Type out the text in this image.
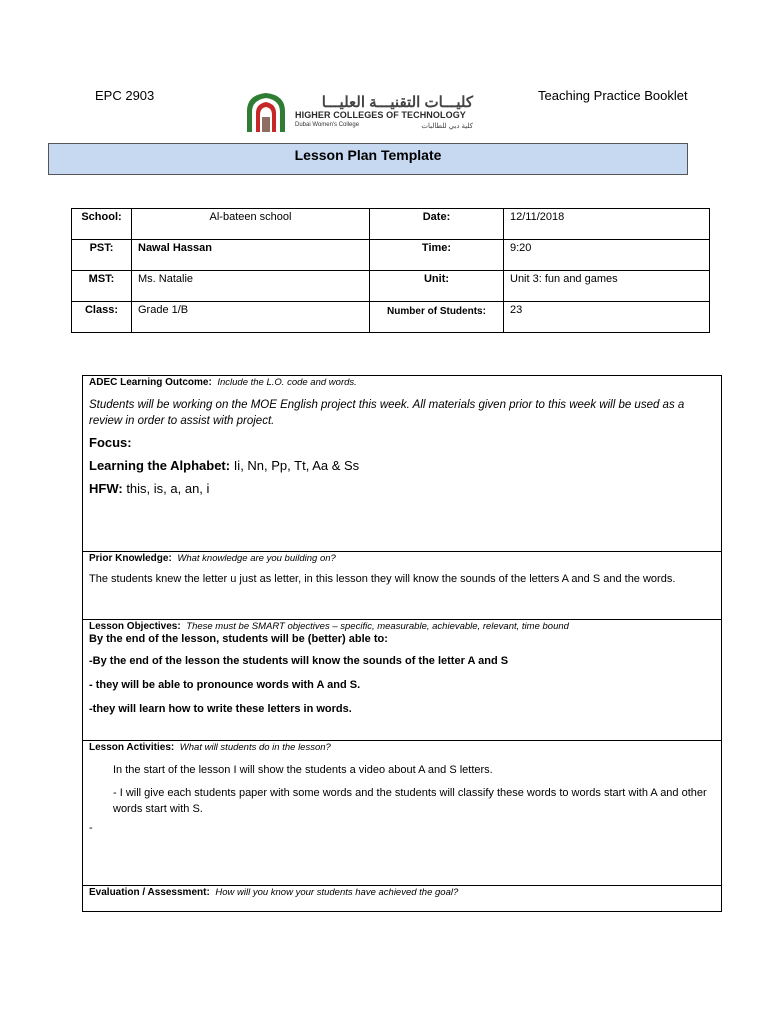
EPC 2903	Teaching Practice Booklet
كليـــات التقنيـــة العليـــا
HIGHER COLLEGES OF TECHNOLOGY
Dubai Women's College	كلية دبي للطالبات
Lesson Plan Template
School:	Al-bateen school	Date:	12/11/2018
PST:	Nawal Hassan	Time:	9:20
MST:	Ms. Natalie	Unit:	Unit 3: fun and games
Class:	Grade 1/B	Number of Students:	23
ADEC Learning Outcome: Include the L.O. code and words.

Students will be working on the MOE English project this week. All materials given prior to this week will be used as a review in order to assist with project.

Focus:

Learning the Alphabet: Ii, Nn, Pp, Tt, Aa & Ss

HFW: this, is, a, an, i

Prior Knowledge: What knowledge are you building on?

The students knew the letter u just as letter, in this lesson they will know the sounds of the letters A and S and the words.

Lesson Objectives: These must be SMART objectives – specific, measurable, achievable, relevant, time bound

By the end of the lesson, students will be (better) able to:

-By the end of the lesson the students will know the sounds of the letter A and S

- they will be able to pronounce words with A and S.

-they will learn how to write these letters in words.

Lesson Activities: What will students do in the lesson?

In the start of the lesson I will show the students a video about A and S letters.

- I will give each students paper with some words and the students will classify these words to words start with A and other words start with S.

-

Evaluation / Assessment: How will you know your students have achieved the goal?
